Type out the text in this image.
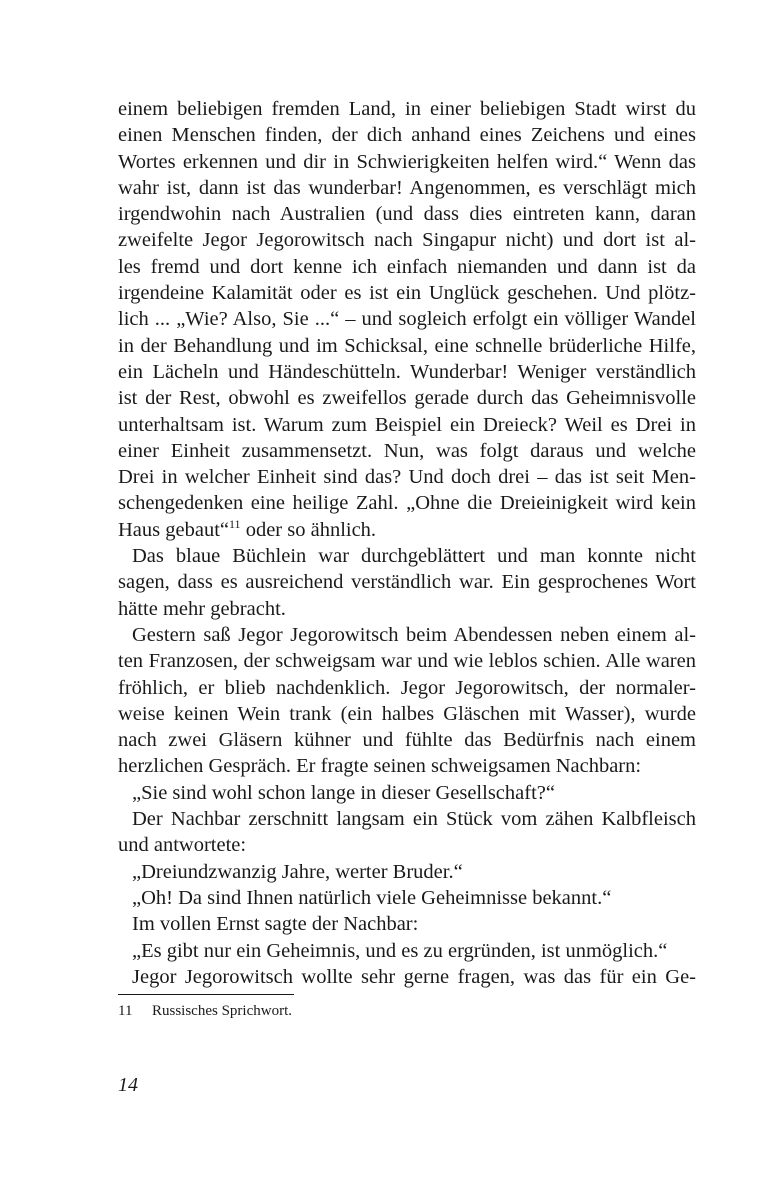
einem beliebigen fremden Land, in einer beliebigen Stadt wirst du
einen Menschen finden, der dich anhand eines Zeichens und eines
Wortes erkennen und dir in Schwierigkeiten helfen wird.“ Wenn das
wahr ist, dann ist das wunderbar! Angenommen, es verschlägt mich
irgendwohin nach Australien (und dass dies eintreten kann, daran
zweifelte Jegor Jegorowitsch nach Singapur nicht) und dort ist al-
les fremd und dort kenne ich einfach niemanden und dann ist da
irgendeine Kalamität oder es ist ein Unglück geschehen. Und plötz-
lich ... „Wie? Also, Sie ...“ – und sogleich erfolgt ein völliger Wandel
in der Behandlung und im Schicksal, eine schnelle brüderliche Hilfe,
ein Lächeln und Händeschütteln. Wunderbar! Weniger verständlich
ist der Rest, obwohl es zweifellos gerade durch das Geheimnisvolle
unterhaltsam ist. Warum zum Beispiel ein Dreieck? Weil es Drei in
einer Einheit zusammensetzt. Nun, was folgt daraus und welche
Drei in welcher Einheit sind das? Und doch drei – das ist seit Men-
schengedenken eine heilige Zahl. „Ohne die Dreieinigkeit wird kein
Haus gebaut“$^{11}$ oder so ähnlich.
Das blaue Büchlein war durchgeblättert und man konnte nicht
sagen, dass es ausreichend verständlich war. Ein gesprochenes Wort
hätte mehr gebracht.
Gestern saß Jegor Jegorowitsch beim Abendessen neben einem al-
ten Franzosen, der schweigsam war und wie leblos schien. Alle waren
fröhlich, er blieb nachdenklich. Jegor Jegorowitsch, der normaler-
weise keinen Wein trank (ein halbes Gläschen mit Wasser), wurde
nach zwei Gläsern kühner und fühlte das Bedürfnis nach einem
herzlichen Gespräch. Er fragte seinen schweigsamen Nachbarn:
„Sie sind wohl schon lange in dieser Gesellschaft?“
Der Nachbar zerschnitt langsam ein Stück vom zähen Kalbfleisch
und antwortete:
„Dreiundzwanzig Jahre, werter Bruder.“
„Oh! Da sind Ihnen natürlich viele Geheimnisse bekannt.“
Im vollen Ernst sagte der Nachbar:
„Es gibt nur ein Geheimnis, und es zu ergründen, ist unmöglich.“
Jegor Jegorowitsch wollte sehr gerne fragen, was das für ein Ge-
11 Russisches Sprichwort.
14
